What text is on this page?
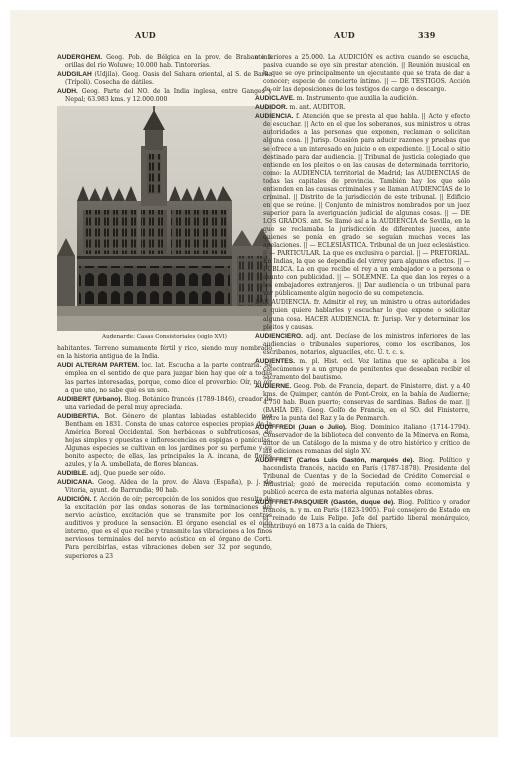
AUD	AUD	339

AUDERGHEM. Geog. Pob. de Bélgica en la prov. de Brabante a orillas del río Woluwe; 10.000 hab. Tintorerías.

AUDGILAH (Udjila). Geog. Oasis del Sahara oriental, al S. de Barka (Trípoli). Cosecha de dátiles.

AUDH. Geog. Parte del NO. de la India inglesa, entre Ganges y Nepal; 63.983 kms. y 12.000.000

Audenarde: Casas Consistoriales (siglo XVI)
habitantes. Terreno sumamente fértil y rico, siendo muy nombrado en la historia antigua de la India.

AUDI ALTERAM PARTEM. loc. lat. Escucha a la parte contraria. Se emplea en el sentido de que para juzgar bien hay que oír a todas las partes interesadas, porque, como dice el proverbio: Oír, no oír a que uno, no sabe qué es un son.

AUDIBERT (Urbano). Biog. Botánico francés (1789-1846), creador de una variedad de peral muy apreciada.

AUDIBERTIA. Bot. Género de plantas labiadas establecido por Bentham en 1831. Consta de unas catorce especies propias de la América Boreal Occidental. Son herbáceas o subfruticosas, de hojas simples y opuestas e inflorescencias en espigas o panículas. Algunas especies se cultivan en los jardines por su perfume y su bonito aspecto; de ellas, las principales la A. incana, de flores azules, y la A. umbellata, de flores blancas.

AUDIBLE. adj. Que puede ser oído.

AUDICANA. Geog. Aldea de la prov. de Álava (España), p. j. de Vitoria, ayunt. de Barrundia; 90 hab.

AUDICIÓN. f. Acción de oír; percepción de los sonidos que resulta de la excitación por las ondas sonoras de las terminaciones del nervio acústico, excitación que se transmite por los centros auditivos y produce la sensación. El órgano esencial es el oído interno, que es el que recibe y transmite las vibraciones a los finos nerviosos terminales del nervio acústico en el órgano de Corti. Para percibirlas, estas vibraciones deben ser 32 por segundo, superiores a 23

e inferiores a 25.000. La AUDICIÓN es activa cuando se escucha, pasiva cuando se oye sin prestar atención. || Reunión musical en la que se oye principalmente un ejecutante que se trata de dar a conocer; especie de concierto íntimo. || — DE TESTIGOS. Acción de oír las deposiciones de los testigos de cargo o descargo.

AUDICLAVE. m. Instrumento que auxilia la audición.

AUDIDOR. m. ant. AUDITOR.

AUDIENCIA. f. Atención que se presta al que habla. || Acto y efecto de escuchar. || Acto en el que los soberanos, sus ministros u otras autoridades a las personas que exponen, reclaman o solicitan alguna cosa. || Jurisp. Ocasión para aducir razones y pruebas que se ofrece a un interesado en juicio o en expediente. || Local o sitio destinado para dar audiencia. || Tribunal de justicia colegiado que entiende en los pleitos o en las causas de determinada territorio, como: la AUDIENCIA territorial de Madrid; las AUDIENCIAS de todas las capitales de provincia. También hay los que sólo entienden en las causas criminales y se llaman AUDIENCIAS de lo criminal. || Distrito de la jurisdicción de este tribunal. || Edificio en que se reúne. || Conjunto de ministros nombrados por un juez superior para la averiguación judicial de algunas cosas. || — DE LOS GRADOS. ant. Se llamó así a la AUDIENCIA de Sevilla, en la que se reclamaba la jurisdicción de diferentes jueces, ante quienes se ponía en grado se seguían muchas veces las apelaciones. || — ECLESIÁSTICA. Tribunal de un juez eclesiástico. || — PARTICULAR. La que es exclusiva o parcial. || — PRETORIAL. En Indias, la que se dependía del virrey para algunos efectos. || — PÚBLICA. La en que recibe el rey a un embajador o a persona o asunto con publicidad. || — SOLEMNE. La que dan los reyes o a los embajadores extranjeros. || Dar audiencia o un tribunal para ver públicamente algún negocio de su competencia.

DAR AUDIENCIA. fr. Admitir el rey, un ministro u otras autoridades a quien quiere hablarles y escuchar lo que expone o solicitar alguna cosa. HACER AUDIENCIA. fr. Jurisp. Ver y determinar los pleitos y causas.

AUDIENCIERO. adj. ant. Decíase de los ministros inferiores de las audiencias o tribunales superiores, como los escribanos, los escribanos, notarios, alguaciles, etc. Ú. t. c. s.

AUDIENTES. m. pl. Hist. ecl. Voz latina que se aplicaba a los catecúmenos y a un grupo de penitentes que deseaban recibir el sacramento del bautismo.

AUDIERNE. Geog. Pob. de Francia, depart. de Finisterre, dist. y a 40 kms. de Quimper, cantón de Pont-Croix, en la bahía de Audierne; 4.750 hab. Buen puerto; conservas de sardinas. Baños de mar. || (BAHÍA DE). Geog. Golfo de Francia, en el SO. del Finisterre, entre la punta del Raz y la de Penmarch.

AUDIFFREDI (Juan o Julio). Biog. Dominico italiano (1714-1794). Conservador de la biblioteca del convento de la Minerva en Roma, autor de un Catálogo de la misma y de otro histórico y crítico de las ediciones romanas del siglo XV.

AUDIFFRET (Carlos Luis Gastón, marqués de). Biog. Político y hacendista francés, nacido en París (1787-1878). Presidente del Tribunal de Cuentas y de la Sociedad de Crédito Comercial e Industrial; gozó de merecida reputación como economista y publicó acerca de esta materia algunas notables obras.

AUDIFFRET-PASQUIER (Gastón, duque de). Biog. Político y orador francés, n. y m. en París (1823-1905). Fué consejero de Estado en el reinado de Luis Felipe. Jefe del partido liberal monárquico, contribuyó en 1873 a la caída de Thiers,
